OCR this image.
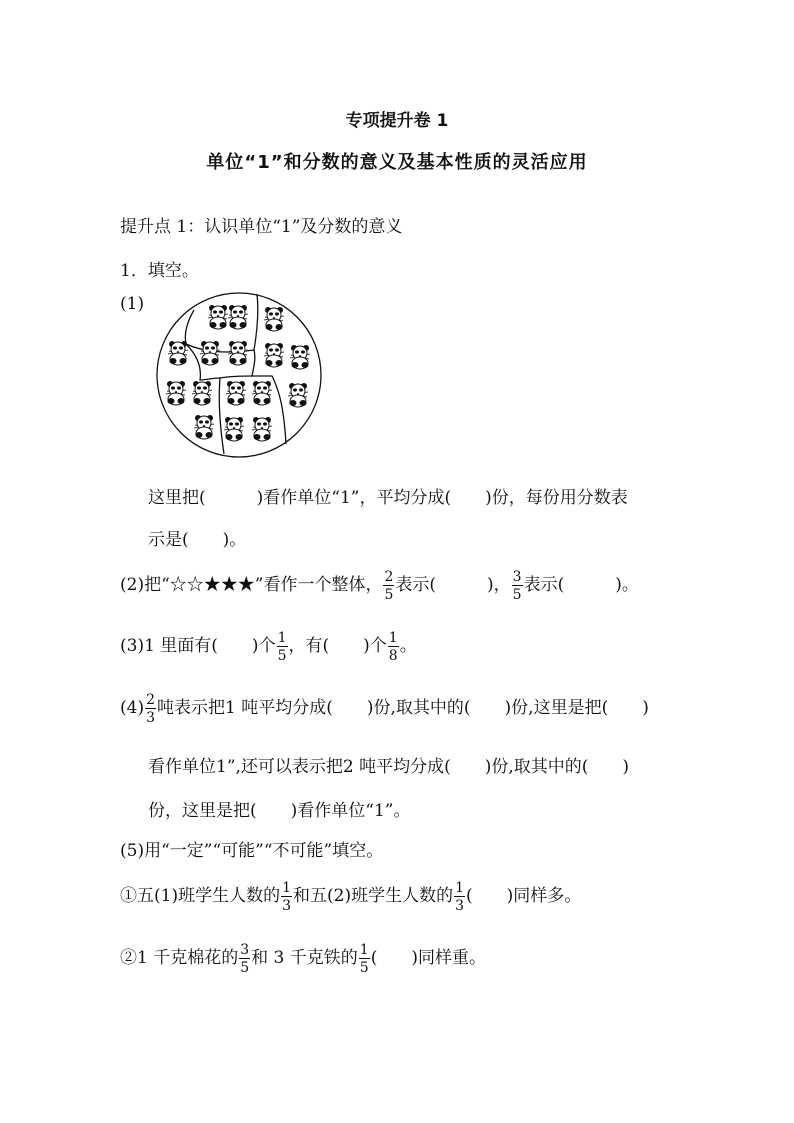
专项提升卷 1
单位“1”和分数的意义及基本性质的灵活应用
提升点 1：认识单位“1”及分数的意义
1．填空。
(1)
这里把(　　　)看作单位“1”，平均分成(　　)份，每份用分数表
示是(　　)。
(2)把“☆☆★★★”看作一个整体， $\frac{2}{5}$ 表示(　　　)， $\frac{3}{5}$ 表示(　　　)。
(3)1 里面有(　　)个 $\frac{1}{5}$ ，有(　　)个 $\frac{1}{8}$ 。
$(4) \frac{2}{3}$ 吨表示把1 吨平均分成(　　)份,取其中的(　　)份,这里是把(　　)
看作单位1”,还可以表示把2 吨平均分成(　　)份,取其中的(　　)
份，这里是把(　　)看作单位“1”。
(5)用“一定”“可能”“不可能”填空。
①五(1)班学生人数的 $\frac{1}{3}$ 和五(2)班学生人数的 $\frac{1}{3}$ (　　)同样多。
②1 千克棉花的 $\frac{3}{5}$ 和 3 千克铁的 $\frac{1}{5}$ (　　)同样重。
